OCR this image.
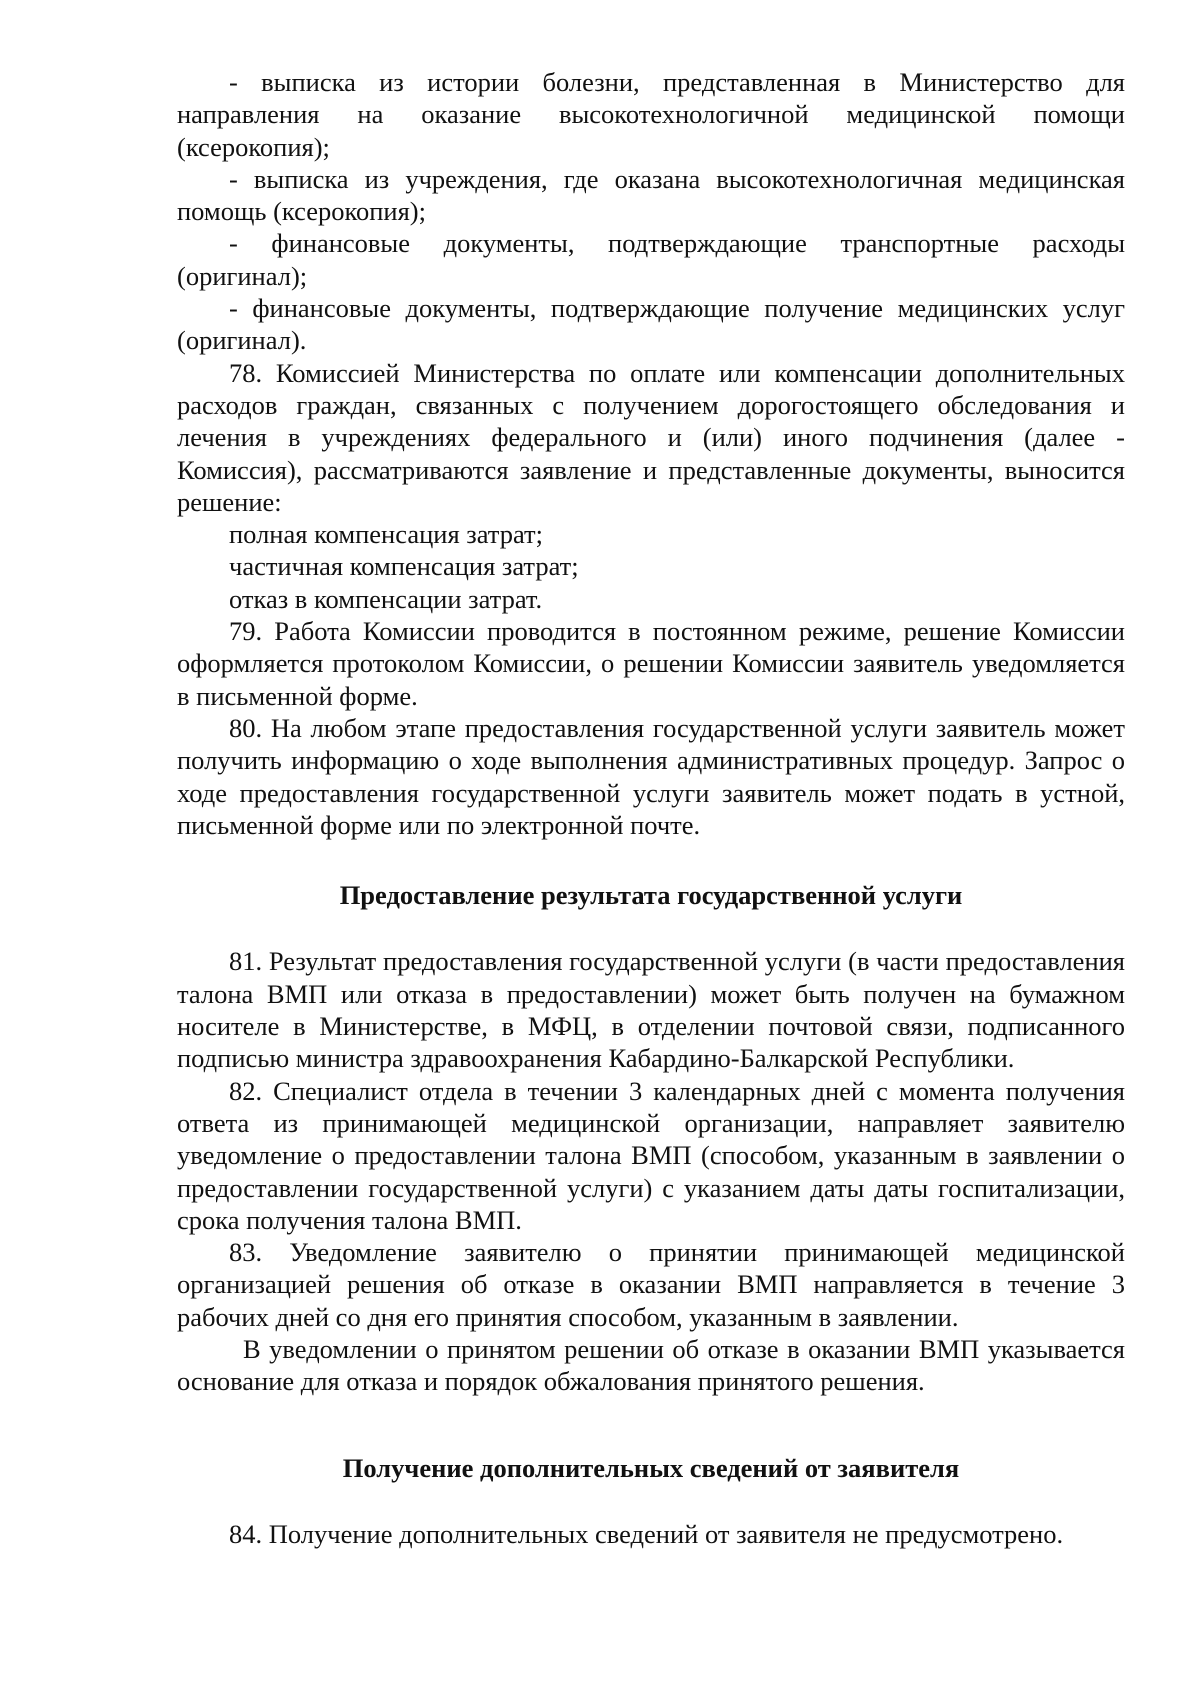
- выписка из истории болезни, представленная в Министерство для направления на оказание высокотехнологичной медицинской помощи (ксерокопия);

- выписка из учреждения, где оказана высокотехнологичная медицинская помощь (ксерокопия);

- финансовые документы, подтверждающие транспортные расходы (оригинал);

- финансовые документы, подтверждающие получение медицинских услуг (оригинал).

78. Комиссией Министерства по оплате или компенсации дополнительных расходов граждан, связанных с получением дорогостоящего обследования и лечения в учреждениях федерального и (или) иного подчинения (далее - Комиссия), рассматриваются заявление и представленные документы, выносится решение:

полная компенсация затрат;

частичная компенсация затрат;

отказ в компенсации затрат.

79. Работа Комиссии проводится в постоянном режиме, решение Комиссии оформляется протоколом Комиссии, о решении Комиссии заявитель уведомляется в письменной форме.

80. На любом этапе предоставления государственной услуги заявитель может получить информацию о ходе выполнения административных процедур. Запрос о ходе предоставления государственной услуги заявитель может подать в устной, письменной форме или по электронной почте.

Предоставление результата государственной услуги

81. Результат предоставления государственной услуги (в части предоставления талона ВМП или отказа в предоставлении) может быть получен на бумажном носителе в Министерстве, в МФЦ, в отделении почтовой связи, подписанного подписью министра здравоохранения Кабардино-Балкарской Республики.

82. Специалист отдела в течении 3 календарных дней с момента получения ответа из принимающей медицинской организации, направляет заявителю уведомление о предоставлении талона ВМП (способом, указанным в заявлении о предоставлении государственной услуги) с указанием даты даты госпитализации, срока получения талона ВМП.

83. Уведомление заявителю о принятии принимающей медицинской организацией решения об отказе в оказании ВМП направляется в течение 3 рабочих дней со дня его принятия способом, указанным в заявлении.

В уведомлении о принятом решении об отказе в оказании ВМП указывается основание для отказа и порядок обжалования принятого решения.

Получение дополнительных сведений от заявителя

84. Получение дополнительных сведений от заявителя не предусмотрено.
